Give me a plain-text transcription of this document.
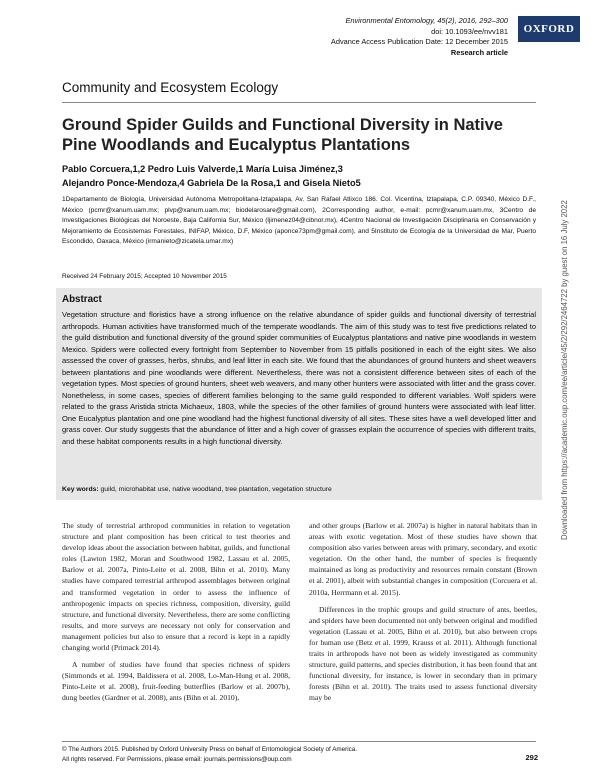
Environmental Entomology, 45(2), 2016, 292–300
doi: 10.1093/ee/nvv181
Advance Access Publication Date: 12 December 2015
Research article
OXFORD
Community and Ecosystem Ecology
Ground Spider Guilds and Functional Diversity in Native Pine Woodlands and Eucalyptus Plantations
Pablo Corcuera,1,2 Pedro Luis Valverde,1 María Luisa Jiménez,3
Alejandro Ponce-Mendoza,4 Gabriela De la Rosa,1 and Gisela Nieto5
1Departamento de Biología, Universidad Autónoma Metropolitana-Iztapalapa, Av. San Rafael Atlixco 186. Col. Vicentina, Iztapalapa, C.P. 09340, México D.F., México (pcmr@xanum.uam.mx; plvp@xanum.uam.mx; biodelarosare@gmail.com), 2Corresponding author, e-mail: pcmr@xanum.uam.mx, 3Centro de Investigaciones Biológicas del Noroeste, Baja California Sur, México (ljimenez04@cibnor.mx), 4Centro Nacional de Investigación Disciplinaria en Conservación y Mejoramiento de Ecosistemas Forestales, INIFAP, México, D.F, México (aponce73pm@gmail.com), and 5Instituto de Ecología de la Universidad de Mar, Puerto Escondido, Oaxaca, México (irmanieto@zicatela.umar.mx)
Received 24 February 2015; Accepted 10 November 2015
Abstract
Vegetation structure and floristics have a strong influence on the relative abundance of spider guilds and functional diversity of terrestrial arthropods. Human activities have transformed much of the temperate woodlands. The aim of this study was to test five predictions related to the guild distribution and functional diversity of the ground spider communities of Eucalyptus plantations and native pine woodlands in western Mexico. Spiders were collected every fortnight from September to November from 15 pitfalls positioned in each of the eight sites. We also assessed the cover of grasses, herbs, shrubs, and leaf litter in each site. We found that the abundances of ground hunters and sheet weavers between plantations and pine woodlands were different. Nevertheless, there was not a consistent difference between sites of each of the vegetation types. Most species of ground hunters, sheet web weavers, and many other hunters were associated with litter and the grass cover. Nonetheless, in some cases, species of different families belonging to the same guild responded to different variables. Wolf spiders were related to the grass Aristida stricta Michaeux, 1803, while the species of the other families of ground hunters were associated with leaf litter. One Eucalyptus plantation and one pine woodland had the highest functional diversity of all sites. These sites have a well developed litter and grass cover. Our study suggests that the abundance of litter and a high cover of grasses explain the occurrence of species with different traits, and these habitat components results in a high functional diversity.
Key words: guild, microhabitat use, native woodland, tree plantation, vegetation structure

The study of terrestrial arthropod communities in relation to vegetation structure and plant composition has been critical to test theories and develop ideas about the association between habitat, guilds, and functional roles (Lawton 1982, Moran and Southwood 1982, Lassau et al. 2005, Barlow et al. 2007a, Pinto-Leite et al. 2008, Bihn et al. 2010). Many studies have compared terrestrial arthropod assemblages between original and transformed vegetation in order to assess the influence of anthropogenic impacts on species richness, composition, diversity, guild structure, and functional diversity. Nevertheless, there are some conflicting results, and more surveys are necessary not only for conservation and management policies but also to ensure that a record is kept in a rapidly changing world (Primack 2014).

A number of studies have found that species richness of spiders (Simmonds et al. 1994, Baldissera et al. 2008, Lo-Man-Hung et al. 2008, Pinto-Leite et al. 2008), fruit-feeding butterflies (Barlow et al. 2007b), dung beetles (Gardner et al. 2008), ants (Bihn et al. 2010),

and other groups (Barlow et al. 2007a) is higher in natural habitats than in areas with exotic vegetation. Most of these studies have shown that composition also varies between areas with primary, secondary, and exotic vegetation. On the other hand, the number of species is frequently maintained as long as productivity and resources remain constant (Brown et al. 2001), albeit with substantial changes in composition (Corcuera et al. 2010a, Herrmann et al. 2015).

Differences in the trophic groups and guild structure of ants, beetles, and spiders have been documented not only between original and modified vegetation (Lassau et al. 2005, Bihn et al. 2010), but also between crops for human use (Betz et al. 1999, Krauss et al. 2011). Although functional traits in arthropods have not been as widely investigated as community structure, guild patterns, and species distribution, it has been found that ant functional diversity, for instance, is lower in secondary than in primary forests (Bihn et al. 2010). The traits used to assess functional diversity may be

© The Authors 2015. Published by Oxford University Press on behalf of Entomological Society of America.
All rights reserved. For Permissions, please email: journals.permissions@oup.com	292
Downloaded from https://academic.oup.com/ee/article/45/2/292/2464722 by guest on 16 July 2022
